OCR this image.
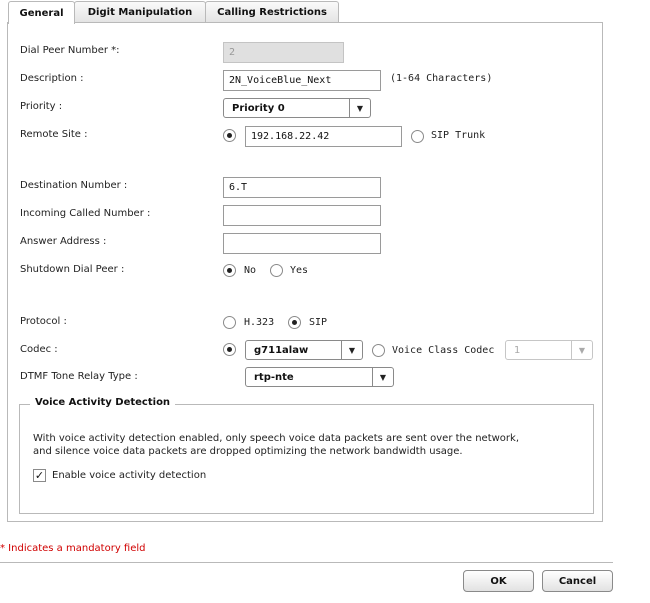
General	Digit Manipulation	Calling Restrictions
Dial Peer Number *:	2
Description :	2N_VoiceBlue_Next	(1-64 Characters)
Priority :	Priority 0	▼
Remote Site :	192.168.22.42	SIP Trunk
Destination Number :	6.T
Incoming Called Number :
Answer Address :
Shutdown Dial Peer :	No	Yes
Protocol :	H.323	SIP
Codec :	g711alaw	▼	Voice Class Codec	1	▼
DTMF Tone Relay Type :	rtp-nte	▼
Voice Activity Detection
With voice activity detection enabled, only speech voice data packets are sent over the network,
and silence voice data packets are dropped optimizing the network bandwidth usage.
✓ Enable voice activity detection
* Indicates a mandatory field
OK	Cancel
